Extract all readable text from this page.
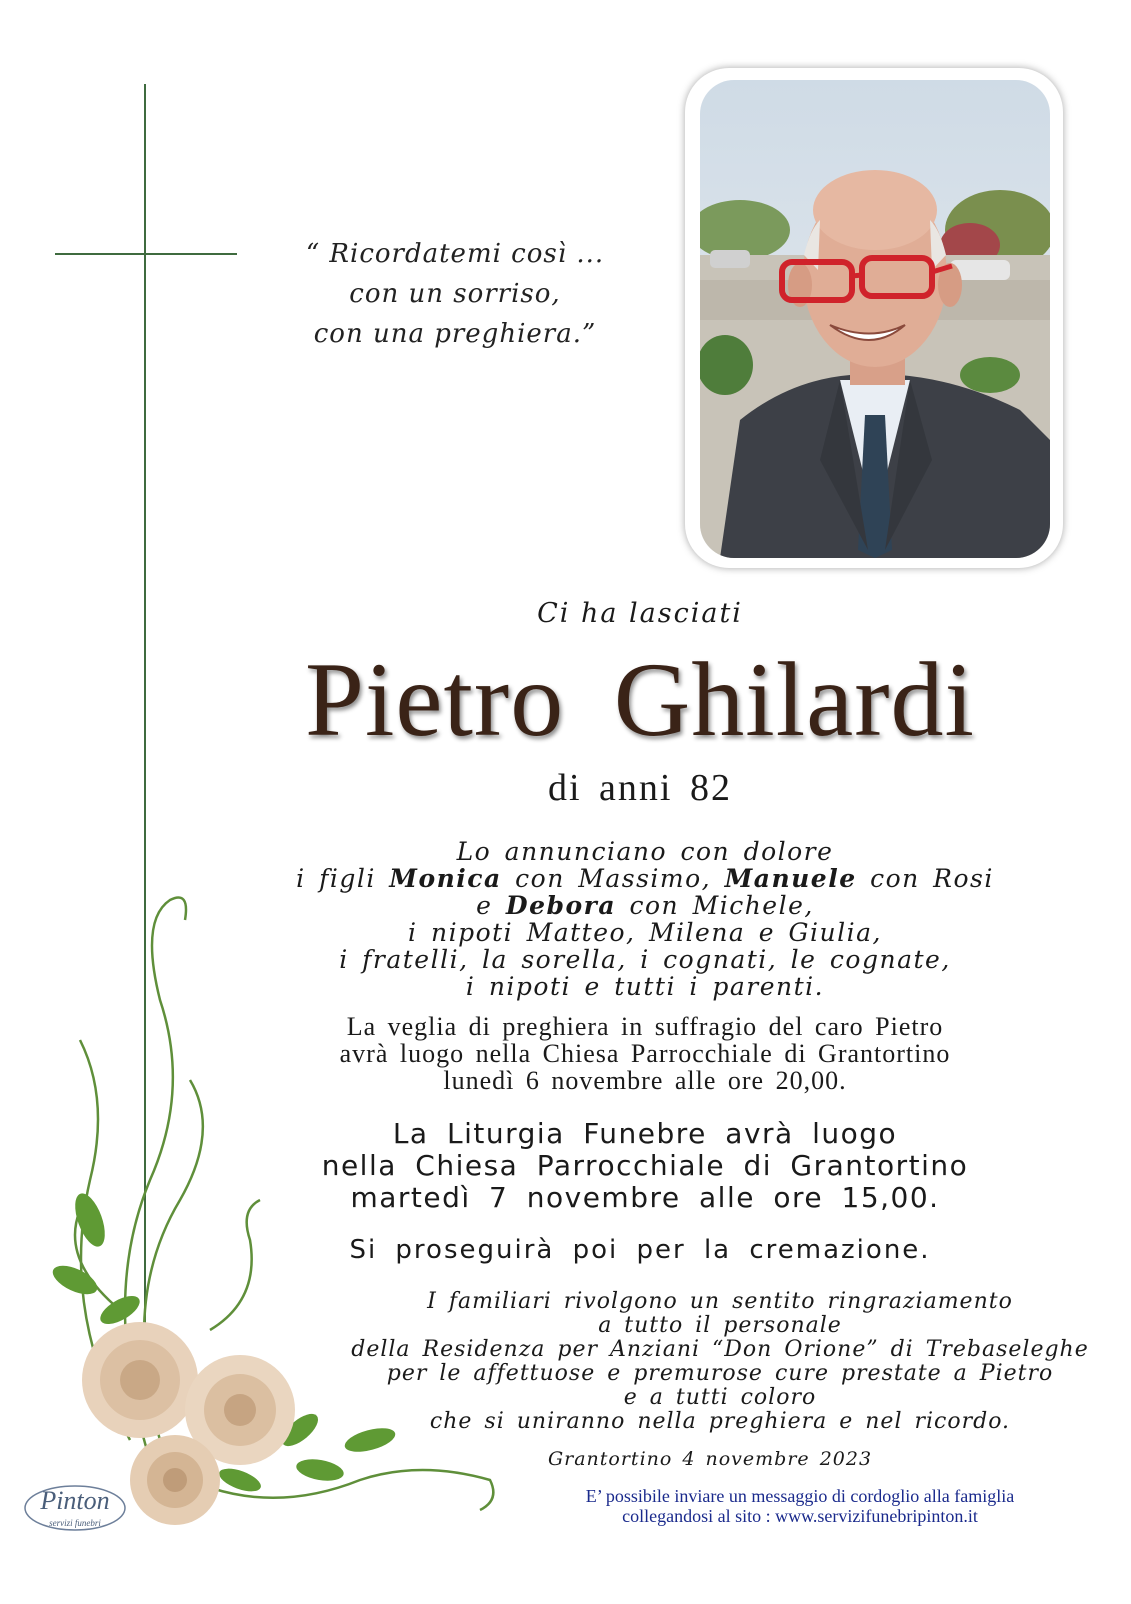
“ Ricordatemi così ...
con un sorriso,
con una preghiera.”
Ci ha lasciati
Pietro Ghilardi
di anni 82
Lo annunciano con dolore
i figli Monica con Massimo, Manuele con Rosi
e Debora con Michele,
i nipoti Matteo, Milena e Giulia,
i fratelli, la sorella, i cognati, le cognate,
i nipoti e tutti i parenti.
La veglia di preghiera in suffragio del caro Pietro
avrà luogo nella Chiesa Parrocchiale di Grantortino
lunedì 6 novembre alle ore 20,00.
La Liturgia Funebre avrà luogo
nella Chiesa Parrocchiale di Grantortino
martedì 7 novembre alle ore 15,00.
Si proseguirà poi per la cremazione.
I familiari rivolgono un sentito ringraziamento
a tutto il personale
della Residenza per Anziani “Don Orione” di Trebaseleghe
per le affettuose e premurose cure prestate a Pietro
e a tutti coloro
che si uniranno nella preghiera e nel ricordo.
Grantortino 4 novembre 2023
E’ possibile inviare un messaggio di cordoglio alla famiglia
collegandosi al sito : www.servizifunebripinton.it
Pinton
servizi funebri
